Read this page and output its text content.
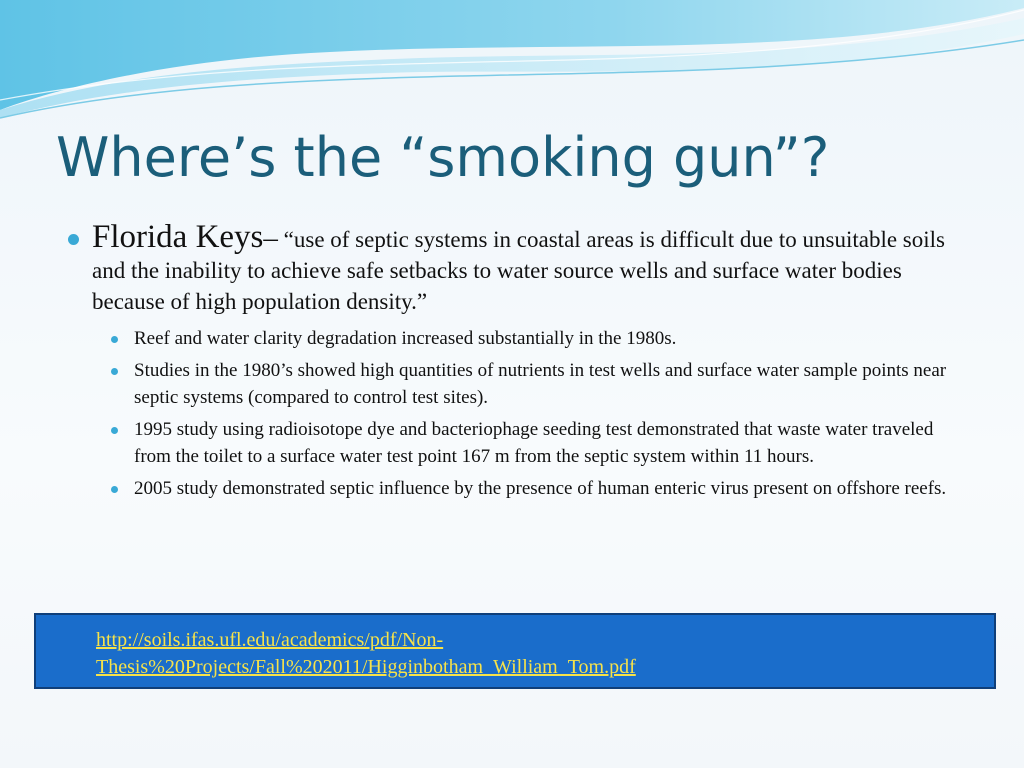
Where’s the “smoking gun”?
Florida Keys– “use of septic systems in coastal areas is difficult due to unsuitable soils and the inability to achieve safe setbacks to water source wells and surface water bodies because of high population density.”
Reef and water clarity degradation increased substantially in the 1980s.
Studies in the 1980’s showed high quantities of nutrients in test wells and surface water sample points near septic systems (compared to control test sites).
1995 study using radioisotope dye and bacteriophage seeding test demonstrated that waste water traveled from the toilet to a surface water test point 167 m from the septic system within 11 hours.
2005 study demonstrated septic influence by the presence of human enteric virus present on offshore reefs.
http://soils.ifas.ufl.edu/academics/pdf/Non-
Thesis%20Projects/Fall%202011/Higginbotham_William_Tom.pdf
